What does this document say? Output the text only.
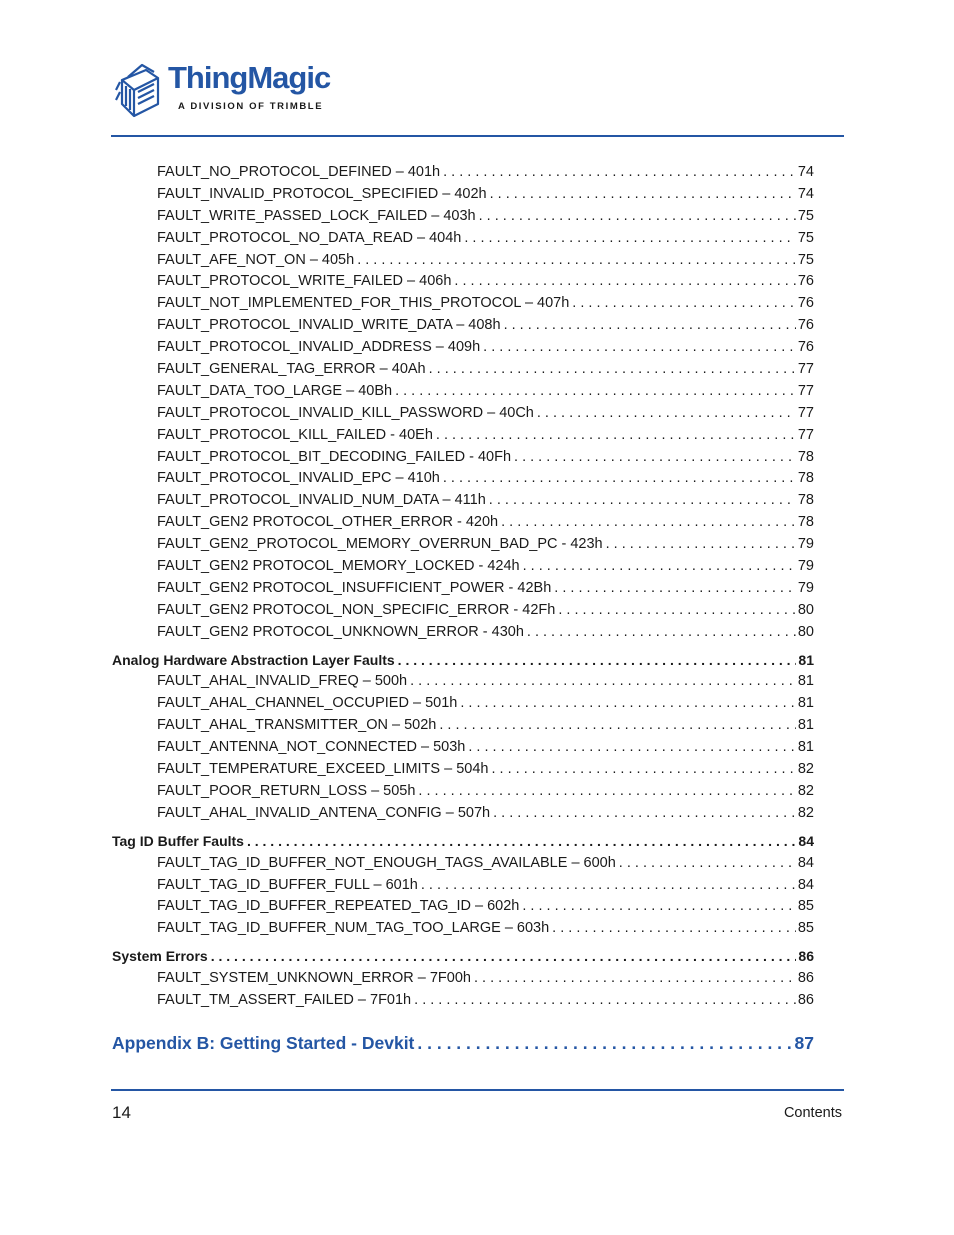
ThingMagic
A DIVISION OF TRIMBLE
FAULT_NO_PROTOCOL_DEFINED – 401h . . .	74
FAULT_INVALID_PROTOCOL_SPECIFIED – 402h . . .	74
FAULT_WRITE_PASSED_LOCK_FAILED – 403h . . .	75
FAULT_PROTOCOL_NO_DATA_READ – 404h . . .	75
FAULT_AFE_NOT_ON – 405h . . .	75
FAULT_PROTOCOL_WRITE_FAILED – 406h . . .	76
FAULT_NOT_IMPLEMENTED_FOR_THIS_PROTOCOL – 407h . . .	76
FAULT_PROTOCOL_INVALID_WRITE_DATA – 408h . . .	76
FAULT_PROTOCOL_INVALID_ADDRESS – 409h . . .	76
FAULT_GENERAL_TAG_ERROR – 40Ah . . .	77
FAULT_DATA_TOO_LARGE – 40Bh . . .	77
FAULT_PROTOCOL_INVALID_KILL_PASSWORD – 40Ch . . .	77
FAULT_PROTOCOL_KILL_FAILED - 40Eh . . .	77
FAULT_PROTOCOL_BIT_DECODING_FAILED - 40Fh . . .	78
FAULT_PROTOCOL_INVALID_EPC – 410h . . .	78
FAULT_PROTOCOL_INVALID_NUM_DATA – 411h . . .	78
FAULT_GEN2 PROTOCOL_OTHER_ERROR - 420h . . .	78
FAULT_GEN2_PROTOCOL_MEMORY_OVERRUN_BAD_PC - 423h . . .	79
FAULT_GEN2 PROTOCOL_MEMORY_LOCKED - 424h . . .	79
FAULT_GEN2 PROTOCOL_INSUFFICIENT_POWER - 42Bh . . .	79
FAULT_GEN2 PROTOCOL_NON_SPECIFIC_ERROR - 42Fh . . .	80
FAULT_GEN2 PROTOCOL_UNKNOWN_ERROR - 430h . . .	80
Analog Hardware Abstraction Layer Faults . . .	81
FAULT_AHAL_INVALID_FREQ – 500h . . .	81
FAULT_AHAL_CHANNEL_OCCUPIED – 501h . . .	81
FAULT_AHAL_TRANSMITTER_ON – 502h . . .	81
FAULT_ANTENNA_NOT_CONNECTED – 503h . . .	81
FAULT_TEMPERATURE_EXCEED_LIMITS – 504h . . .	82
FAULT_POOR_RETURN_LOSS – 505h . . .	82
FAULT_AHAL_INVALID_ANTENA_CONFIG – 507h . . .	82
Tag ID Buffer Faults . . .	84
FAULT_TAG_ID_BUFFER_NOT_ENOUGH_TAGS_AVAILABLE – 600h . . .	84
FAULT_TAG_ID_BUFFER_FULL – 601h . . .	84
FAULT_TAG_ID_BUFFER_REPEATED_TAG_ID – 602h . . .	85
FAULT_TAG_ID_BUFFER_NUM_TAG_TOO_LARGE – 603h . . .	85
System Errors . . .	86
FAULT_SYSTEM_UNKNOWN_ERROR – 7F00h . . .	86
FAULT_TM_ASSERT_FAILED – 7F01h . . .	86
Appendix B: Getting Started - Devkit . . .	87
14	Contents
